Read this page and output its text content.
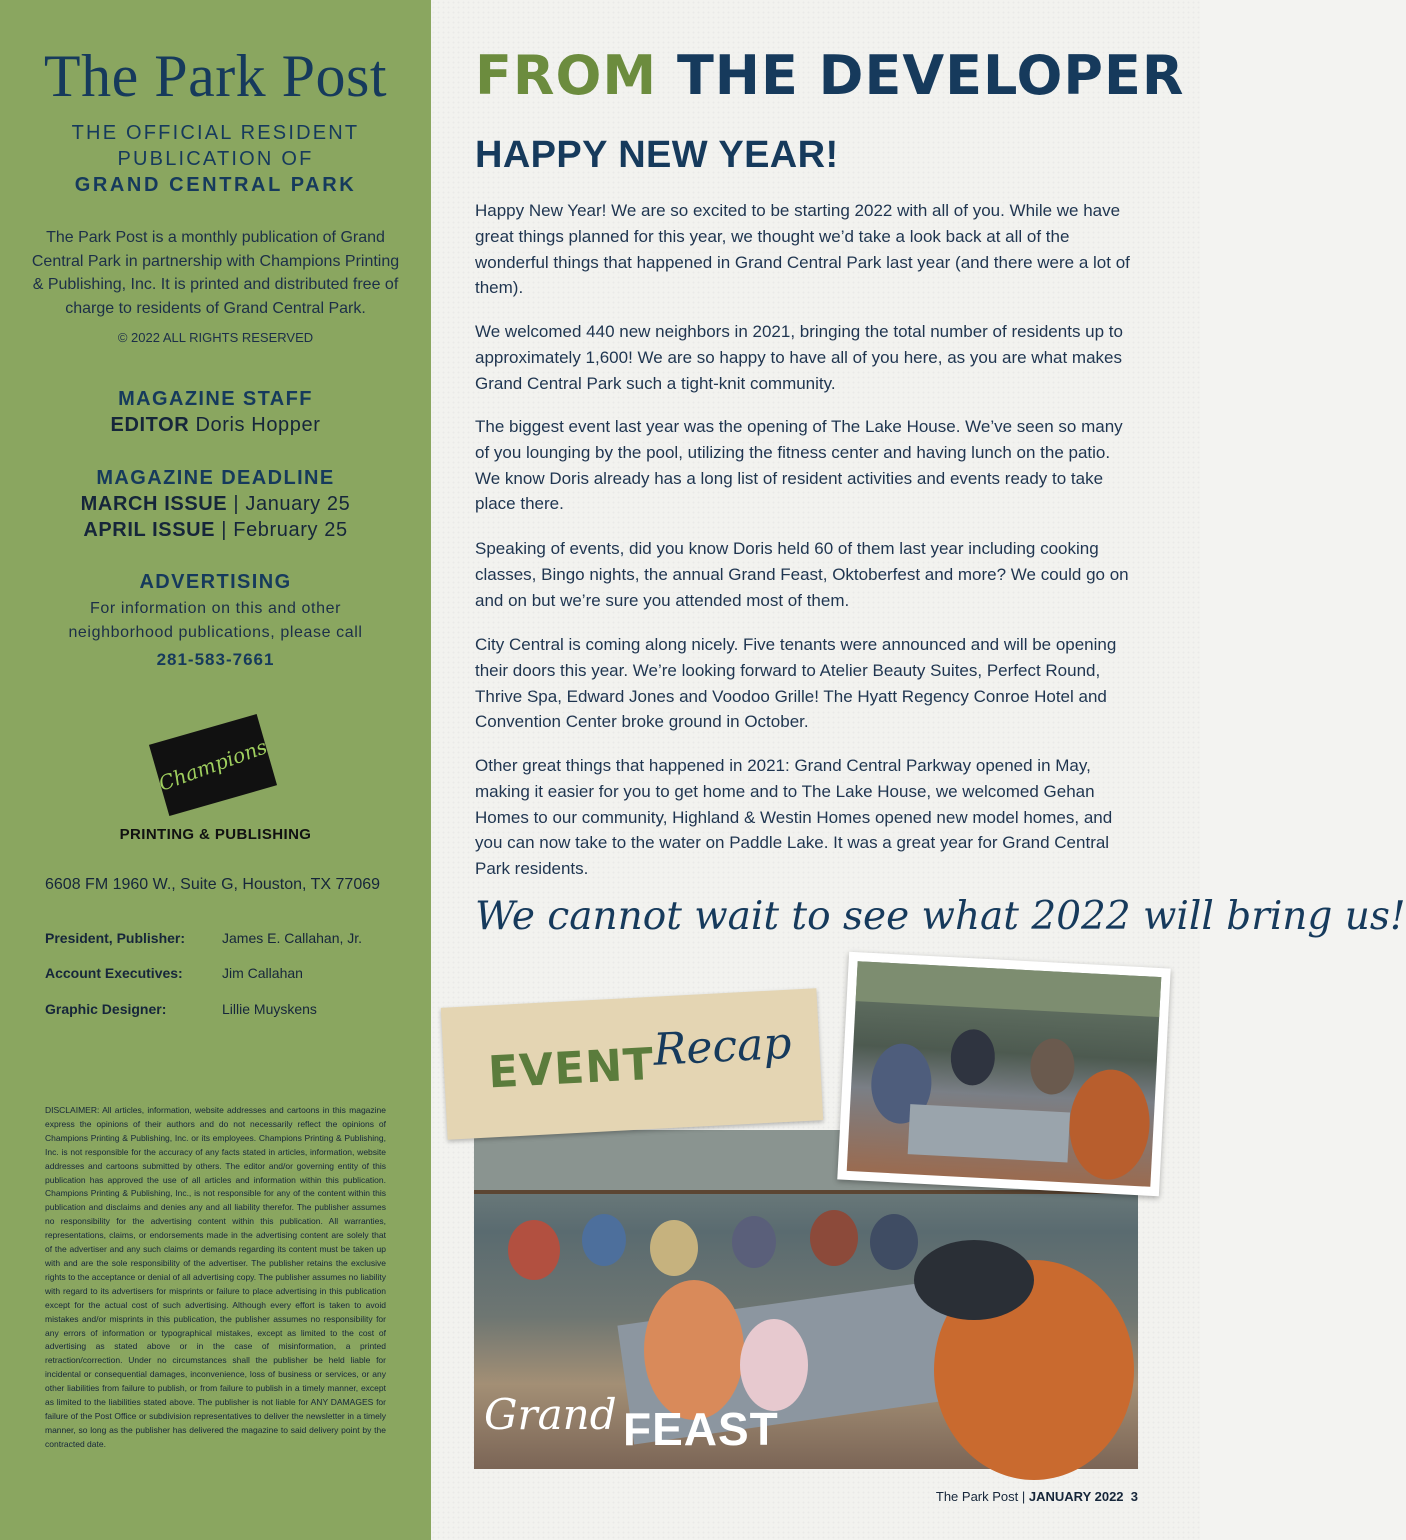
The Park Post
THE OFFICIAL RESIDENT
PUBLICATION OF
GRAND CENTRAL PARK
The Park Post is a monthly publication of Grand Central Park in partnership with Champions Printing & Publishing, Inc. It is printed and distributed free of charge to residents of Grand Central Park.
© 2022 ALL RIGHTS RESERVED
MAGAZINE STAFF
EDITOR Doris Hopper
MAGAZINE DEADLINE
MARCH ISSUE | January 25
APRIL ISSUE | February 25
ADVERTISING
For information on this and other
neighborhood publications, please call
281-583-7661
Champions
PRINTING & PUBLISHING
6608 FM 1960 W., Suite G, Houston, TX 77069
President, Publisher:	James E. Callahan, Jr.
Account Executives:	Jim Callahan
Graphic Designer:	Lillie Muyskens
DISCLAIMER: All articles, information, website addresses and cartoons in this magazine express the opinions of their authors and do not necessarily reflect the opinions of Champions Printing & Publishing, Inc. or its employees. Champions Printing & Publishing, Inc. is not responsible for the accuracy of any facts stated in articles, information, website addresses and cartoons submitted by others. The editor and/or governing entity of this publication has approved the use of all articles and information within this publication. Champions Printing & Publishing, Inc., is not responsible for any of the content within this publication and disclaims and denies any and all liability therefor. The publisher assumes no responsibility for the advertising content within this publication. All warranties, representations, claims, or endorsements made in the advertising content are solely that of the advertiser and any such claims or demands regarding its content must be taken up with and are the sole responsibility of the advertiser. The publisher retains the exclusive rights to the acceptance or denial of all advertising copy. The publisher assumes no liability with regard to its advertisers for misprints or failure to place advertising in this publication except for the actual cost of such advertising. Although every effort is taken to avoid mistakes and/or misprints in this publication, the publisher assumes no responsibility for any errors of information or typographical mistakes, except as limited to the cost of advertising as stated above or in the case of misinformation, a printed retraction/correction. Under no circumstances shall the publisher be held liable for incidental or consequential damages, inconvenience, loss of business or services, or any other liabilities from failure to publish, or from failure to publish in a timely manner, except as limited to the liabilities stated above. The publisher is not liable for ANY DAMAGES for failure of the Post Office or subdivision representatives to deliver the newsletter in a timely manner, so long as the publisher has delivered the magazine to said delivery point by the contracted date.
FROM THE DEVELOPER
HAPPY NEW YEAR!

Happy New Year! We are so excited to be starting 2022 with all of you. While we have great things planned for this year, we thought we’d take a look back at all of the wonderful things that happened in Grand Central Park last year (and there were a lot of them).

We welcomed 440 new neighbors in 2021, bringing the total number of residents up to approximately 1,600! We are so happy to have all of you here, as you are what makes Grand Central Park such a tight-knit community.

The biggest event last year was the opening of The Lake House. We’ve seen so many of you lounging by the pool, utilizing the fitness center and having lunch on the patio. We know Doris already has a long list of resident activities and events ready to take place there.

Speaking of events, did you know Doris held 60 of them last year including cooking classes, Bingo nights, the annual Grand Feast, Oktoberfest and more? We could go on and on but we’re sure you attended most of them.

City Central is coming along nicely. Five tenants were announced and will be opening their doors this year. We’re looking forward to Atelier Beauty Suites, Perfect Round, Thrive Spa, Edward Jones and Voodoo Grille! The Hyatt Regency Conroe Hotel and Convention Center broke ground in October.

Other great things that happened in 2021: Grand Central Parkway opened in May, making it easier for you to get home and to The Lake House, we welcomed Gehan Homes to our community, Highland & Westin Homes opened new model homes, and you can now take to the water on Paddle Lake. It was a great year for Grand Central Park residents.

We cannot wait to see what 2022 will bring us!
EVENT
Recap
Grand FEAST
The Park Post | JANUARY 2022 3
